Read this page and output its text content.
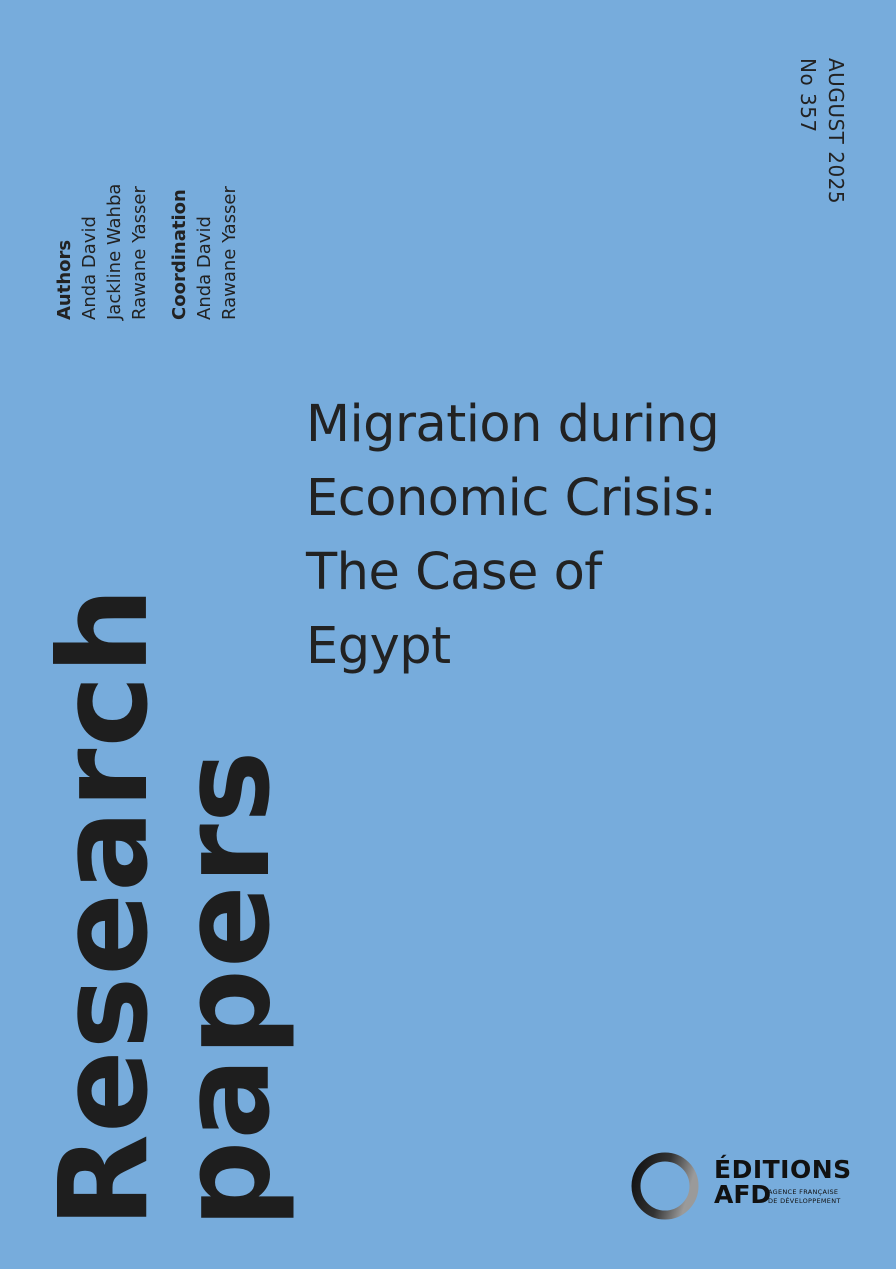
Authors Anda David Jackline Wahba Rawane Yasser Coordination Anda David Rawane Yasser
AUGUST 2025
No 357
Migration during
Economic Crisis:
The Case of
Egypt
Research
papers	ÉDITIONS
AFD
AGENCE FRANÇAISE
DE DÉVELOPPEMENT
